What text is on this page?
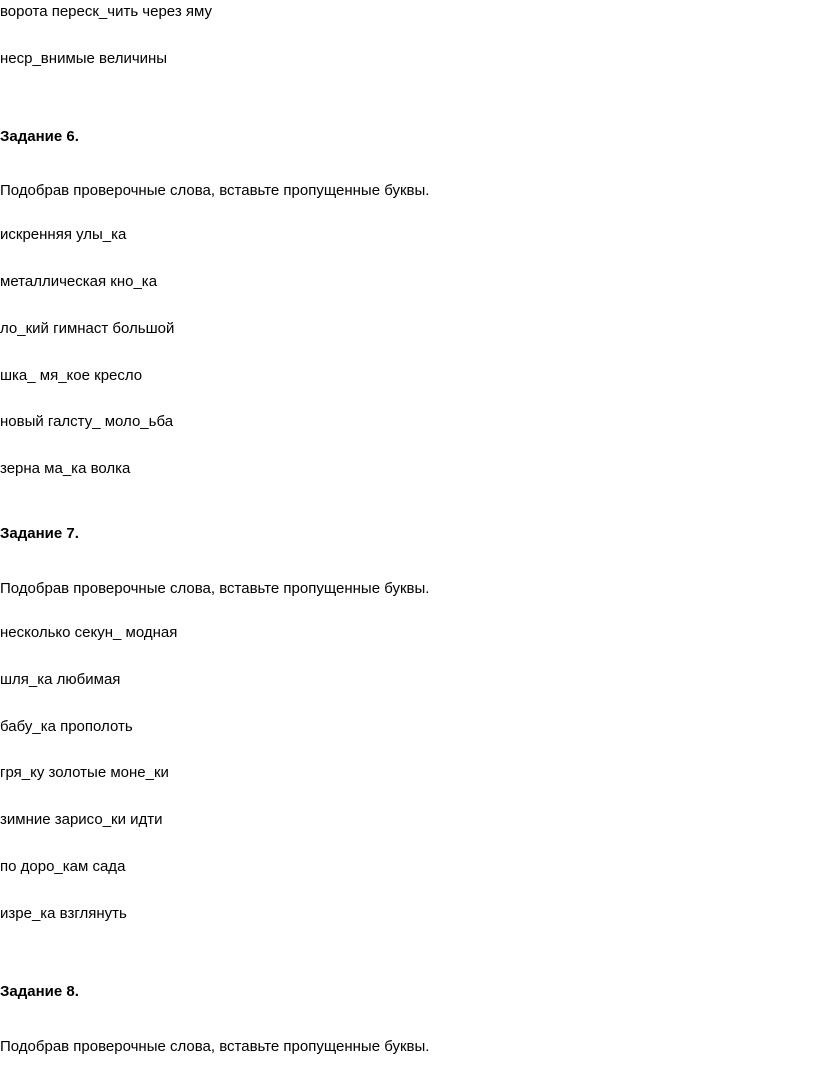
ворота переск_чить через яму
неср_внимые величины
Задание 6.
Подобрав проверочные слова, вставьте пропущенные буквы.
искренняя улы_ка
металлическая кно_ка
ло_кий гимнаст большой
шка_ мя_кое кресло
новый галсту_ моло_ьба
зерна ма_ка волка
Задание 7.
Подобрав проверочные слова, вставьте пропущенные буквы.
несколько секун_ модная
шля_ка любимая
бабу_ка прополоть
гря_ку золотые моне_ки
зимние зарисо_ки идти
по доро_кам сада
изре_ка взглянуть
Задание 8.
Подобрав проверочные слова, вставьте пропущенные буквы.
